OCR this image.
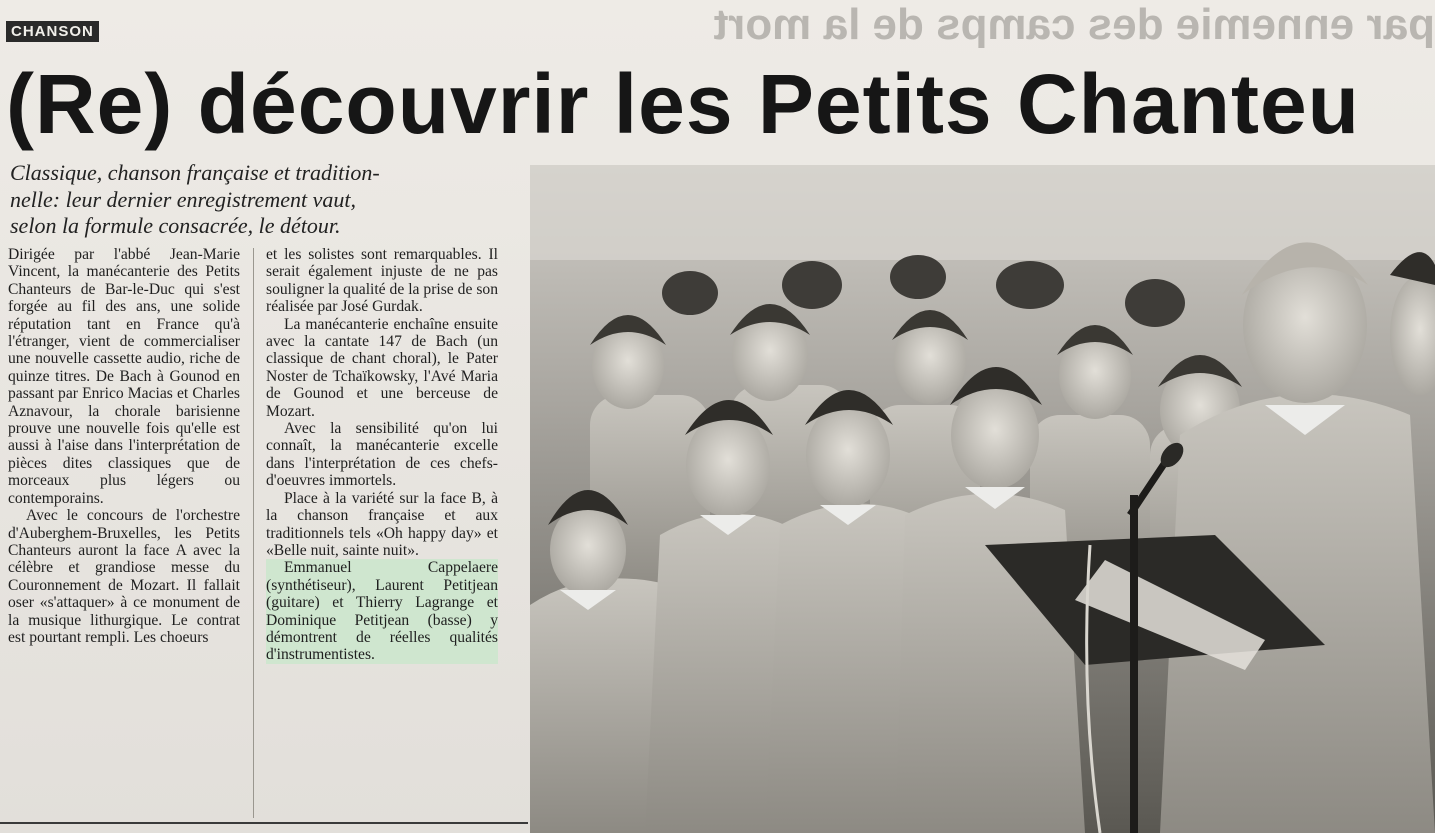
par ennemie des camps de la mort
CHANSON
(Re) découvrir les Petits Chanteu
Classique, chanson française et tradition-
nelle: leur dernier enregistrement vaut,
selon la formule consacrée, le détour.

Dirigée par l'abbé Jean-Marie Vincent, la manécanterie des Petits Chanteurs de Bar-le-Duc qui s'est forgée au fil des ans, une solide réputation tant en France qu'à l'étranger, vient de commercialiser une nouvelle cassette audio, riche de quinze titres. De Bach à Gounod en passant par Enrico Macias et Charles Aznavour, la chorale barisienne prouve une nouvelle fois qu'elle est aussi à l'aise dans l'interprétation de pièces dites classiques que de morceaux plus légers ou contemporains.

Avec le concours de l'orchestre d'Auberghem-Bruxelles, les Petits Chanteurs auront la face A avec la célèbre et grandiose messe du Couronnement de Mozart. Il fallait oser «s'attaquer» à ce monument de la musique lithurgique. Le contrat est pourtant rempli. Les choeurs

et les solistes sont remarquables. Il serait également injuste de ne pas souligner la qualité de la prise de son réalisée par José Gurdak.

La manécanterie enchaîne ensuite avec la cantate 147 de Bach (un classique de chant choral), le Pater Noster de Tchaïkowsky, l'Avé Maria de Gounod et une berceuse de Mozart.

Avec la sensibilité qu'on lui connaît, la manécanterie excelle dans l'interprétation de ces chefs-d'oeuvres immortels.

Place à la variété sur la face B, à la chanson française et aux traditionnels tels «Oh happy day» et «Belle nuit, sainte nuit».

Emmanuel Cappelaere (synthétiseur), Laurent Petitjean (guitare) et Thierry Lagrange et Dominique Petitjean (basse) y démontrent de réelles qualités d'instrumentistes.
